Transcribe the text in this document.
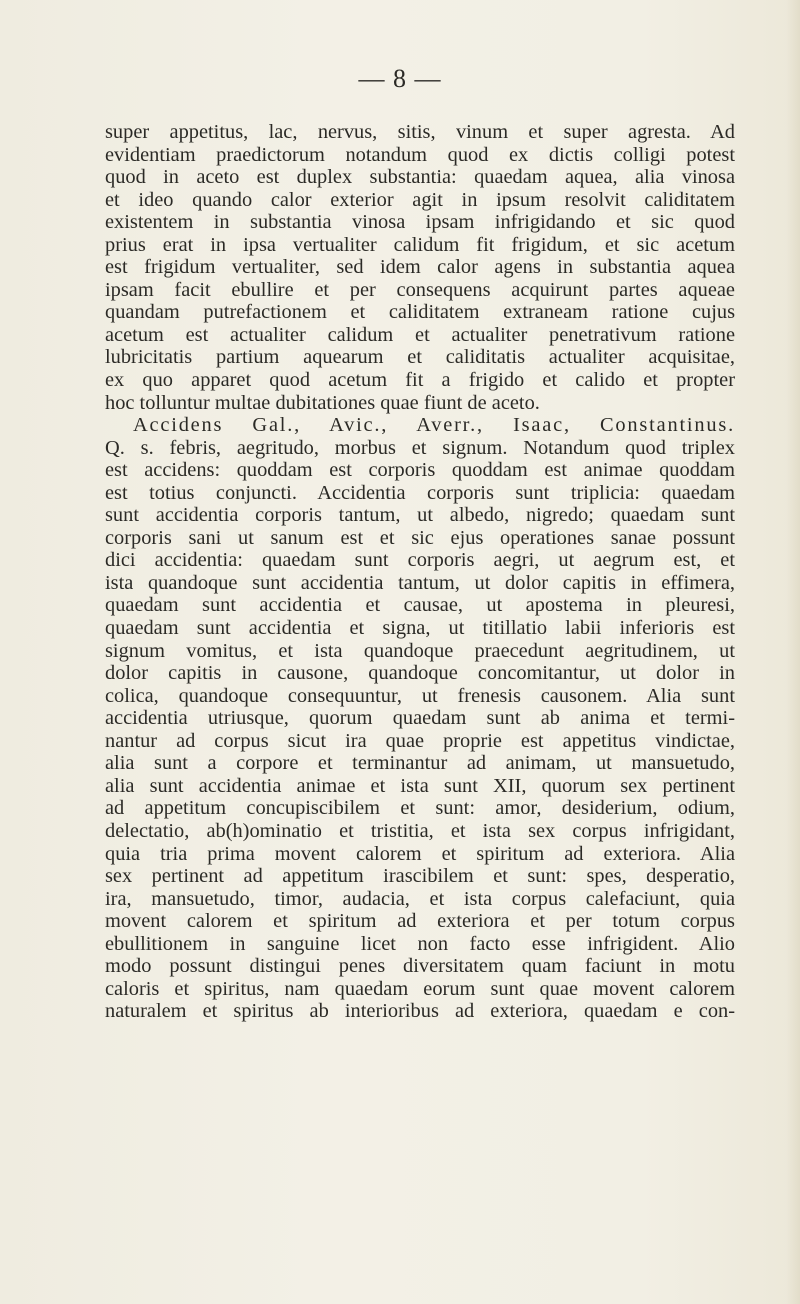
— 8 —
super appetitus, lac, nervus, sitis, vinum et super agresta. Ad
evidentiam praedictorum notandum quod ex dictis colligi potest
quod in aceto est duplex substantia: quaedam aquea, alia vinosa
et ideo quando calor exterior agit in ipsum resolvit caliditatem
existentem in substantia vinosa ipsam infrigidando et sic quod
prius erat in ipsa vertualiter calidum fit frigidum, et sic acetum
est frigidum vertualiter, sed idem calor agens in substantia aquea
ipsam facit ebullire et per consequens acquirunt partes aqueae
quandam putrefactionem et caliditatem extraneam ratione cujus
acetum est actualiter calidum et actualiter penetrativum ratione
lubricitatis partium aquearum et caliditatis actualiter acquisitae,
ex quo apparet quod acetum fit a frigido et calido et propter
hoc tolluntur multae dubitationes quae fiunt de aceto.
Accidens Gal., Avic., Averr., Isaac, Constantinus.
Q. s. febris, aegritudo, morbus et signum. Notandum quod triplex
est accidens: quoddam est corporis quoddam est animae quoddam
est totius conjuncti. Accidentia corporis sunt triplicia: quaedam
sunt accidentia corporis tantum, ut albedo, nigredo; quaedam sunt
corporis sani ut sanum est et sic ejus operationes sanae possunt
dici accidentia: quaedam sunt corporis aegri, ut aegrum est, et
ista quandoque sunt accidentia tantum, ut dolor capitis in effimera,
quaedam sunt accidentia et causae, ut apostema in pleuresi,
quaedam sunt accidentia et signa, ut titillatio labii inferioris est
signum vomitus, et ista quandoque praecedunt aegritudinem, ut
dolor capitis in causone, quandoque concomitantur, ut dolor in
colica, quandoque consequuntur, ut frenesis causonem. Alia sunt
accidentia utriusque, quorum quaedam sunt ab anima et termi-
nantur ad corpus sicut ira quae proprie est appetitus vindictae,
alia sunt a corpore et terminantur ad animam, ut mansuetudo,
alia sunt accidentia animae et ista sunt XII, quorum sex pertinent
ad appetitum concupiscibilem et sunt: amor, desiderium, odium,
delectatio, ab(h)ominatio et tristitia, et ista sex corpus infrigidant,
quia tria prima movent calorem et spiritum ad exteriora. Alia
sex pertinent ad appetitum irascibilem et sunt: spes, desperatio,
ira, mansuetudo, timor, audacia, et ista corpus calefaciunt, quia
movent calorem et spiritum ad exteriora et per totum corpus
ebullitionem in sanguine licet non facto esse infrigident. Alio
modo possunt distingui penes diversitatem quam faciunt in motu
caloris et spiritus, nam quaedam eorum sunt quae movent calorem
naturalem et spiritus ab interioribus ad exteriora, quaedam e con-
